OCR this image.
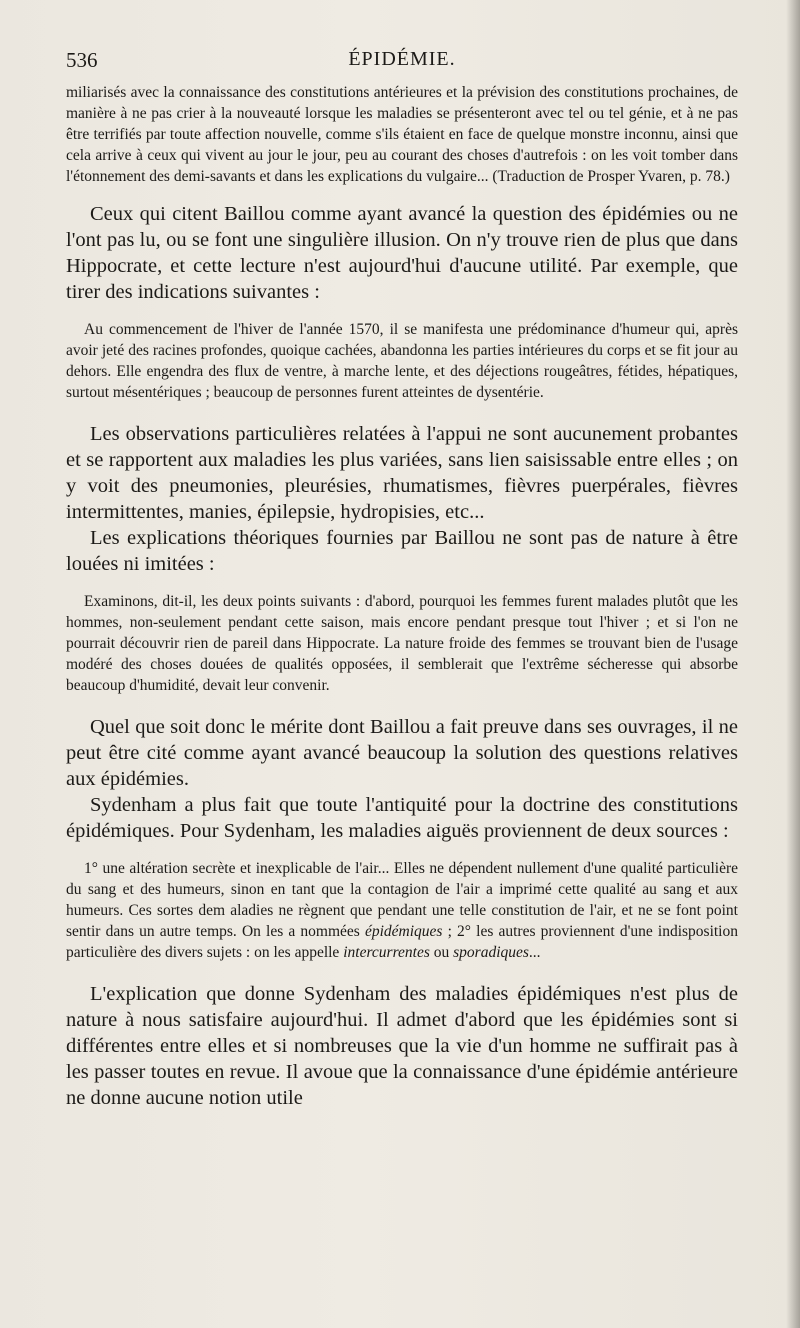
536	ÉPIDÉMIE.

miliarisés avec la connaissance des constitutions antérieures et la prévision des constitutions prochaines, de manière à ne pas crier à la nouveauté lorsque les maladies se présenteront avec tel ou tel génie, et à ne pas être terrifiés par toute affection nouvelle, comme s'ils étaient en face de quelque monstre inconnu, ainsi que cela arrive à ceux qui vivent au jour le jour, peu au courant des choses d'autrefois : on les voit tomber dans l'étonnement des demi-savants et dans les explications du vulgaire... (Traduction de Prosper Yvaren, p. 78.)

Ceux qui citent Baillou comme ayant avancé la question des épidémies ou ne l'ont pas lu, ou se font une singulière illusion. On n'y trouve rien de plus que dans Hippocrate, et cette lecture n'est aujourd'hui d'aucune utilité. Par exemple, que tirer des indications suivantes :

Au commencement de l'hiver de l'année 1570, il se manifesta une prédominance d'humeur qui, après avoir jeté des racines profondes, quoique cachées, abandonna les parties intérieures du corps et se fit jour au dehors. Elle engendra des flux de ventre, à marche lente, et des déjections rougeâtres, fétides, hépatiques, surtout mésentériques ; beaucoup de personnes furent atteintes de dysentérie.

Les observations particulières relatées à l'appui ne sont aucunement probantes et se rapportent aux maladies les plus variées, sans lien saisissable entre elles ; on y voit des pneumonies, pleurésies, rhumatismes, fièvres puerpérales, fièvres intermittentes, manies, épilepsie, hydropisies, etc...

Les explications théoriques fournies par Baillou ne sont pas de nature à être louées ni imitées :

Examinons, dit-il, les deux points suivants : d'abord, pourquoi les femmes furent malades plutôt que les hommes, non-seulement pendant cette saison, mais encore pendant presque tout l'hiver ; et si l'on ne pourrait découvrir rien de pareil dans Hippocrate. La nature froide des femmes se trouvant bien de l'usage modéré des choses douées de qualités opposées, il semblerait que l'extrême sécheresse qui absorbe beaucoup d'humidité, devait leur convenir.

Quel que soit donc le mérite dont Baillou a fait preuve dans ses ouvrages, il ne peut être cité comme ayant avancé beaucoup la solution des questions relatives aux épidémies.

Sydenham a plus fait que toute l'antiquité pour la doctrine des constitutions épidémiques. Pour Sydenham, les maladies aiguës proviennent de deux sources :

1° une altération secrète et inexplicable de l'air... Elles ne dépendent nullement d'une qualité particulière du sang et des humeurs, sinon en tant que la contagion de l'air a imprimé cette qualité au sang et aux humeurs. Ces sortes dem aladies ne règnent que pendant une telle constitution de l'air, et ne se font point sentir dans un autre temps. On les a nommées épidémiques ; 2° les autres proviennent d'une indisposition particulière des divers sujets : on les appelle intercurrentes ou sporadiques...

L'explication que donne Sydenham des maladies épidémiques n'est plus de nature à nous satisfaire aujourd'hui. Il admet d'abord que les épidémies sont si différentes entre elles et si nombreuses que la vie d'un homme ne suffirait pas à les passer toutes en revue. Il avoue que la connaissance d'une épidémie antérieure ne donne aucune notion utile
